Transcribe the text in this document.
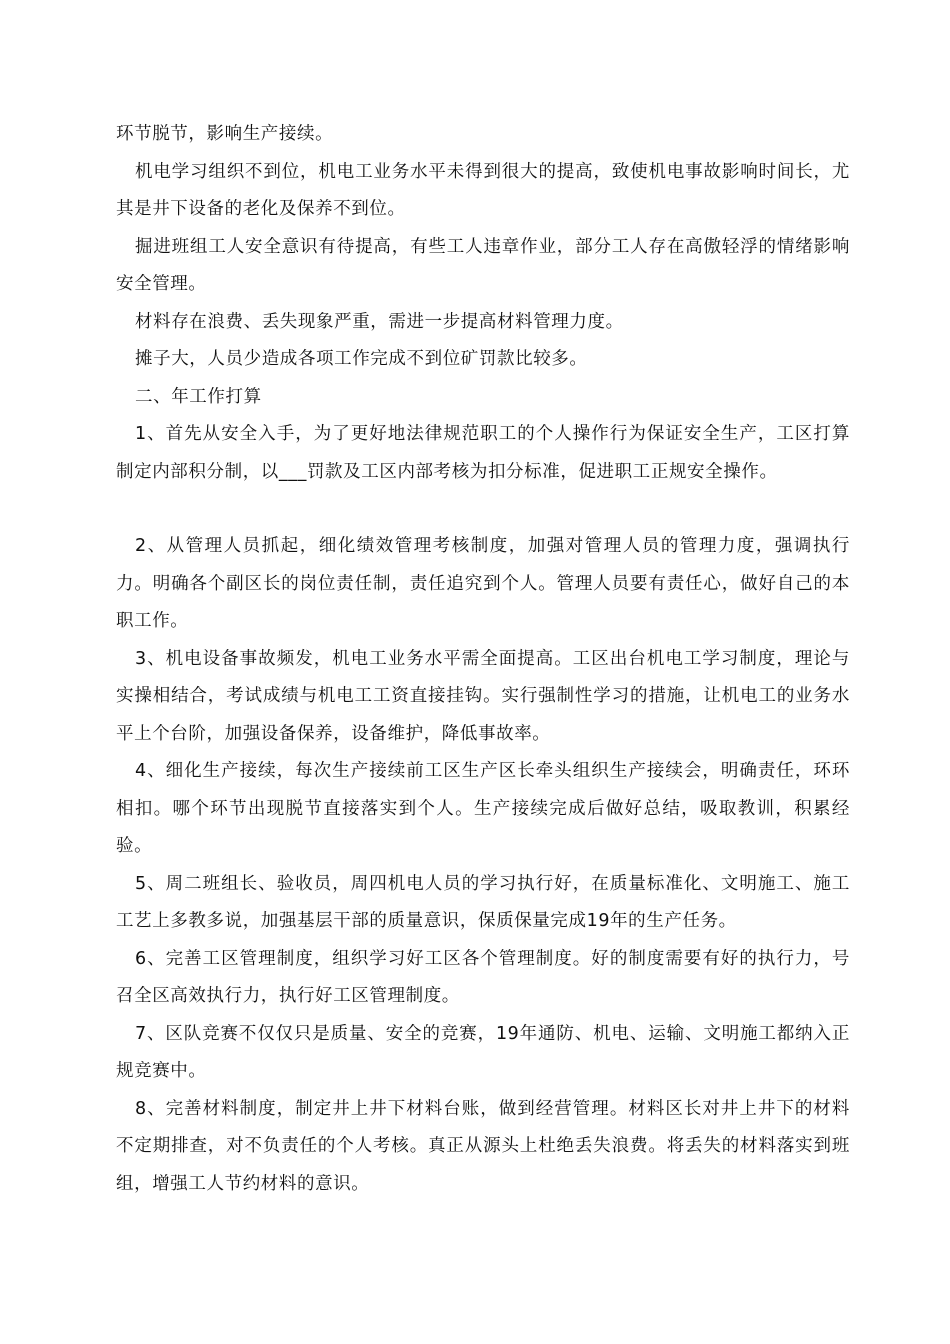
环节脱节，影响生产接续。

机电学习组织不到位，机电工业务水平未得到很大的提高，致使机电事故影响时间长，尤其是井下设备的老化及保养不到位。

掘进班组工人安全意识有待提高，有些工人违章作业，部分工人存在高傲轻浮的情绪影响安全管理。

材料存在浪费、丢失现象严重，需进一步提高材料管理力度。

摊子大，人员少造成各项工作完成不到位矿罚款比较多。

二、年工作打算

1、首先从安全入手，为了更好地法律规范职工的个人操作行为保证安全生产，工区打算制定内部积分制，以___罚款及工区内部考核为扣分标准，促进职工正规安全操作。

2、从管理人员抓起，细化绩效管理考核制度，加强对管理人员的管理力度，强调执行力。明确各个副区长的岗位责任制，责任追究到个人。管理人员要有责任心，做好自己的本职工作。

3、机电设备事故频发，机电工业务水平需全面提高。工区出台机电工学习制度，理论与实操相结合，考试成绩与机电工工资直接挂钩。实行强制性学习的措施，让机电工的业务水平上个台阶，加强设备保养，设备维护，降低事故率。

4、细化生产接续，每次生产接续前工区生产区长牵头组织生产接续会，明确责任，环环相扣。哪个环节出现脱节直接落实到个人。生产接续完成后做好总结，吸取教训，积累经验。

5、周二班组长、验收员，周四机电人员的学习执行好，在质量标准化、文明施工、施工工艺上多教多说，加强基层干部的质量意识，保质保量完成19年的生产任务。

6、完善工区管理制度，组织学习好工区各个管理制度。好的制度需要有好的执行力，号召全区高效执行力，执行好工区管理制度。

7、区队竞赛不仅仅只是质量、安全的竞赛，19年通防、机电、运输、文明施工都纳入正规竞赛中。

8、完善材料制度，制定井上井下材料台账，做到经营管理。材料区长对井上井下的材料不定期排查，对不负责任的个人考核。真正从源头上杜绝丢失浪费。将丢失的材料落实到班组，增强工人节约材料的意识。
